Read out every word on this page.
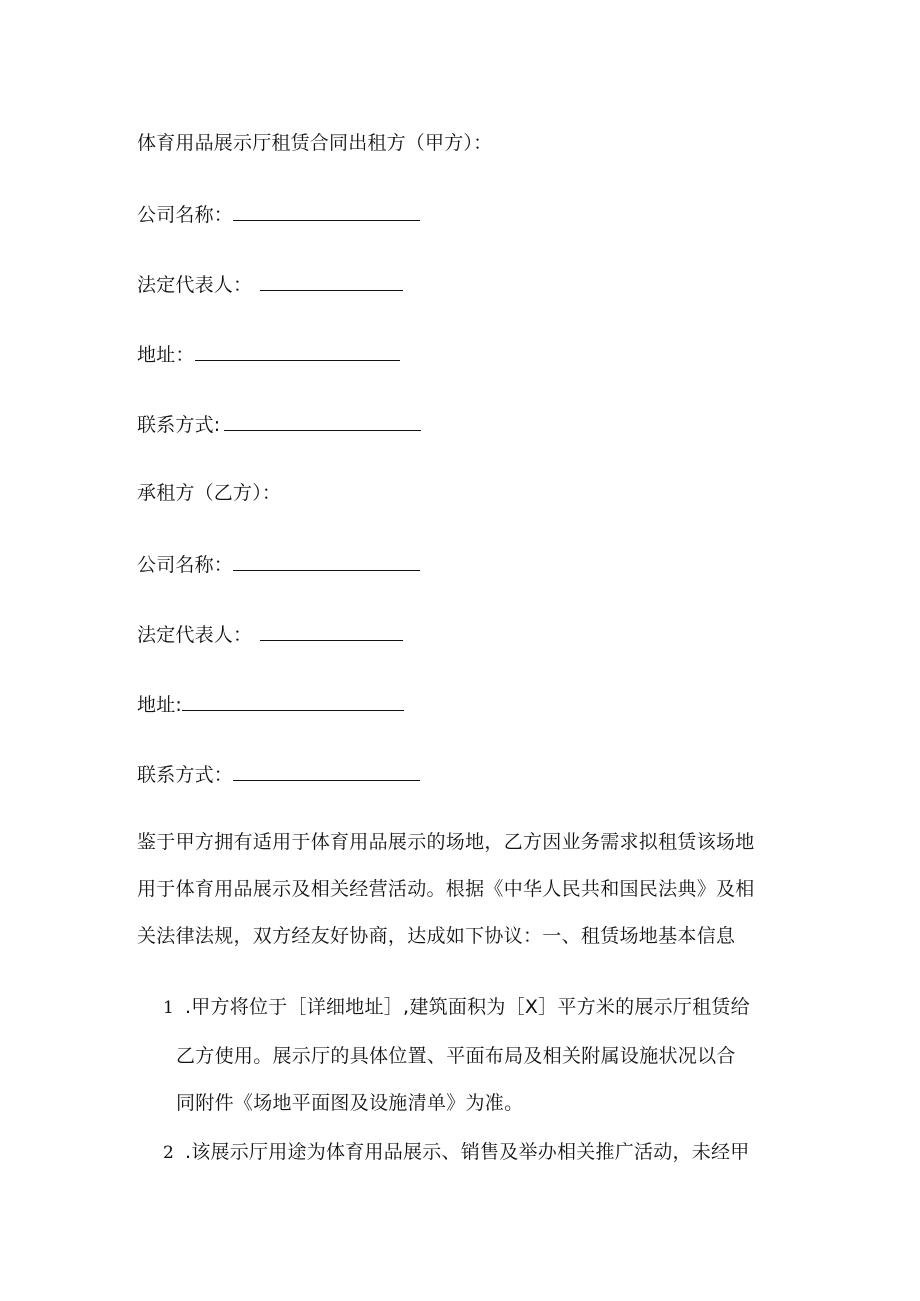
体育用品展示厅租赁合同出租方（甲方）：
公司名称：
法定代表人：
地址：
联系方式:
承租方（乙方）：
公司名称：
法定代表人：
地址:
联系方式：
鉴于甲方拥有适用于体育用品展示的场地，乙方因业务需求拟租赁该场地
用于体育用品展示及相关经营活动。根据《中华人民共和国民法典》及相
关法律法规，双方经友好协商，达成如下协议：一、租赁场地基本信息
1 .甲方将位于［详细地址］,建筑面积为［X］平方米的展示厅租赁给
乙方使用。展示厅的具体位置、平面布局及相关附属设施状况以合
同附件《场地平面图及设施清单》为准。
2 .该展示厅用途为体育用品展示、销售及举办相关推广活动，未经甲
